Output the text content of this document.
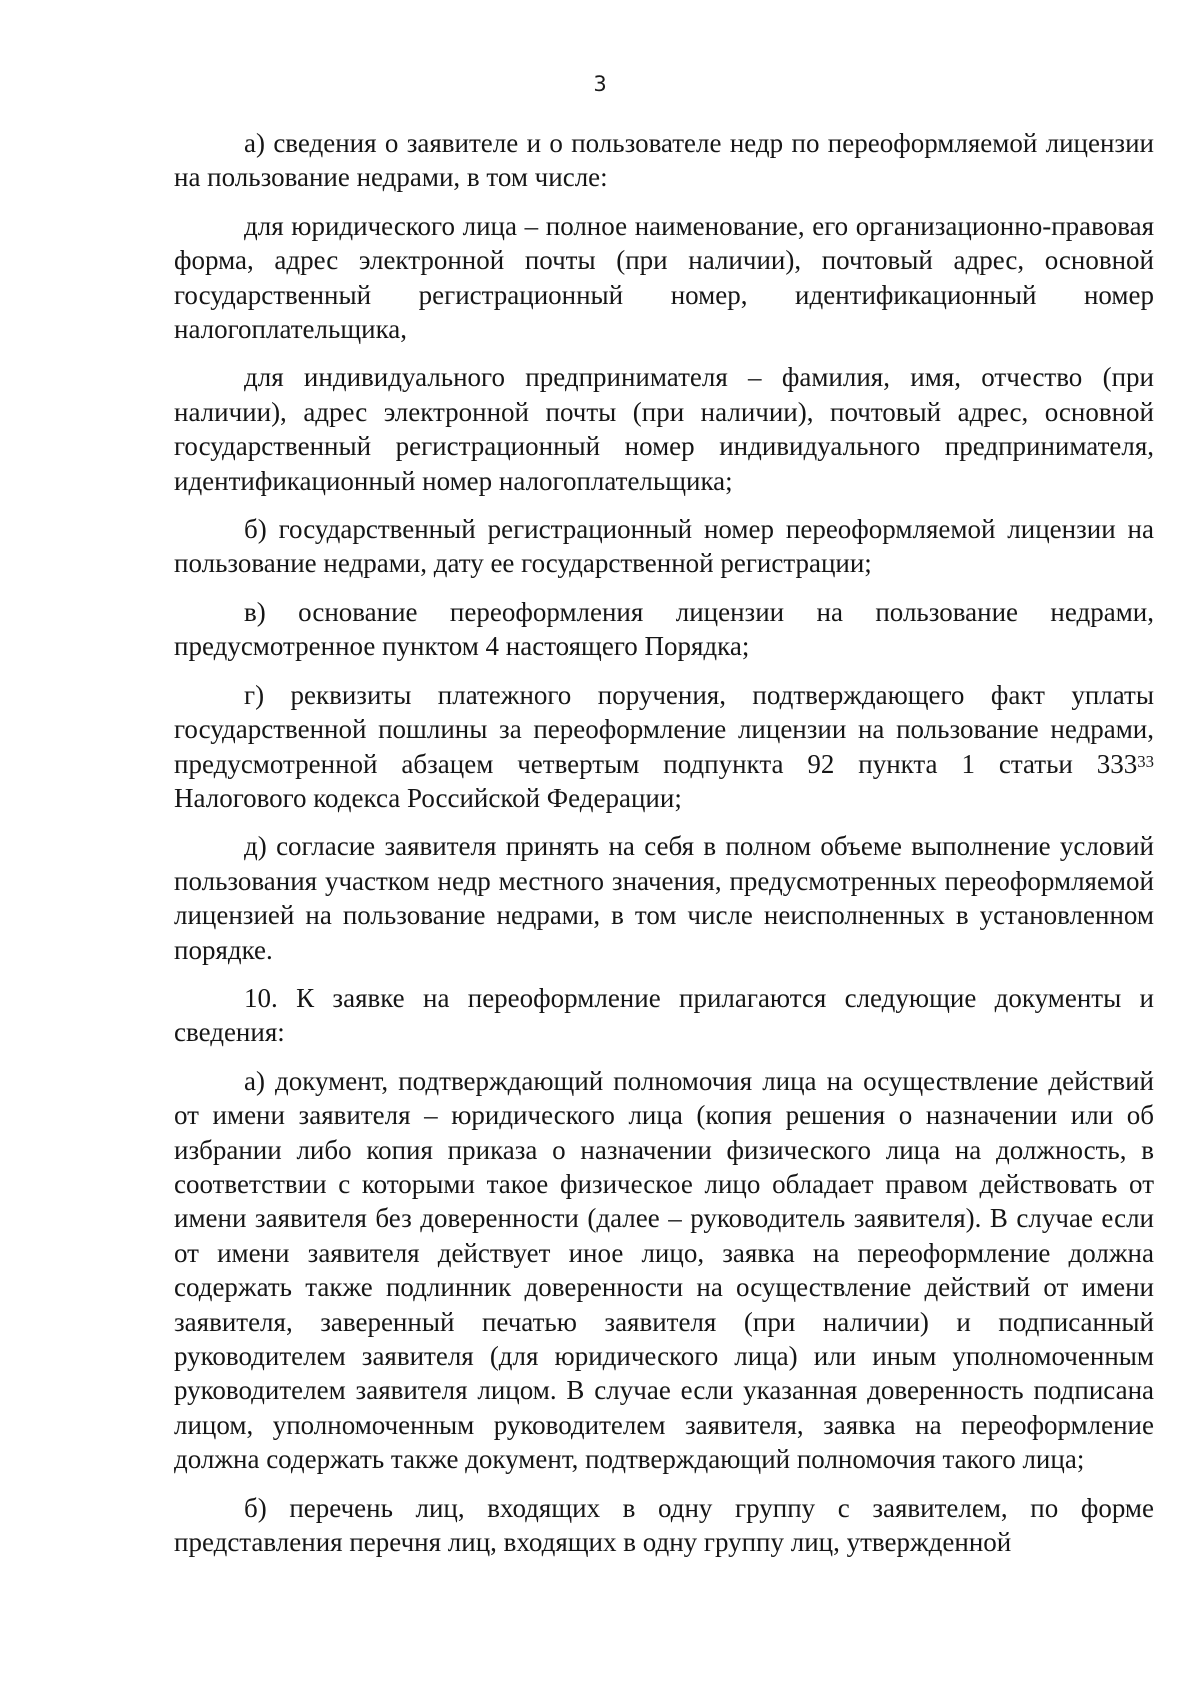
3

а) сведения о заявителе и о пользователе недр по переоформляемой лицензии на пользование недрами, в том числе:

для юридического лица – полное наименование, его организационно-правовая форма, адрес электронной почты (при наличии), почтовый адрес, основной государственный регистрационный номер, идентификационный номер налогоплательщика,

для индивидуального предпринимателя – фамилия, имя, отчество (при наличии), адрес электронной почты (при наличии), почтовый адрес, основной государственный регистрационный номер индивидуального предпринимателя, идентификационный номер налогоплательщика;

б) государственный регистрационный номер переоформляемой лицензии на пользование недрами, дату ее государственной регистрации;

в) основание переоформления лицензии на пользование недрами, предусмотренное пунктом 4 настоящего Порядка;

г) реквизиты платежного поручения, подтверждающего факт уплаты государственной пошлины за переоформление лицензии на пользование недрами, предусмотренной абзацем четвертым подпункта 92 пункта 1 статьи $333^{33}$ Налогового кодекса Российской Федерации;

д) согласие заявителя принять на себя в полном объеме выполнение условий пользования участком недр местного значения, предусмотренных переоформляемой лицензией на пользование недрами, в том числе неисполненных в установленном порядке.

10. К заявке на переоформление прилагаются следующие документы и сведения:

а) документ, подтверждающий полномочия лица на осуществление действий от имени заявителя – юридического лица (копия решения о назначении или об избрании либо копия приказа о назначении физического лица на должность, в соответствии с которыми такое физическое лицо обладает правом действовать от имени заявителя без доверенности (далее – руководитель заявителя). В случае если от имени заявителя действует иное лицо, заявка на переоформление должна содержать также подлинник доверенности на осуществление действий от имени заявителя, заверенный печатью заявителя (при наличии) и подписанный руководителем заявителя (для юридического лица) или иным уполномоченным руководителем заявителя лицом. В случае если указанная доверенность подписана лицом, уполномоченным руководителем заявителя, заявка на переоформление должна содержать также документ, подтверждающий полномочия такого лица;

б) перечень лиц, входящих в одну группу с заявителем, по форме представления перечня лиц, входящих в одну группу лиц, утвержденной
